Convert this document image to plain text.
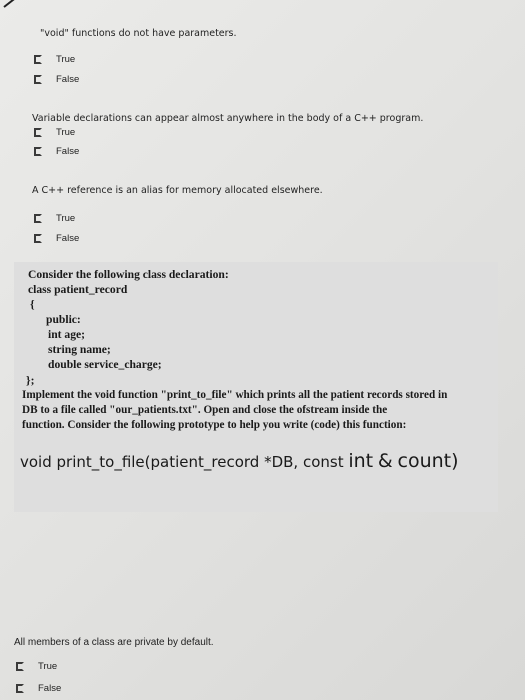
"void" functions do not have parameters.
True
False
Variable declarations can appear almost anywhere in the body of a C++ program.
True
False
A C++ reference is an alias for memory allocated elsewhere.
True
False
Consider the following class declaration:
class patient_record
{
public:
int age;
string name;
double service_charge;
};
Implement the void function "print_to_file" which prints all the patient records stored in
DB to a file called "our_patients.txt". Open and close the ofstream inside the
function. Consider the following prototype to help you write (code) this function:
void print_to_file(patient_record *DB, const int & count)
All members of a class are private by default.
True
False
